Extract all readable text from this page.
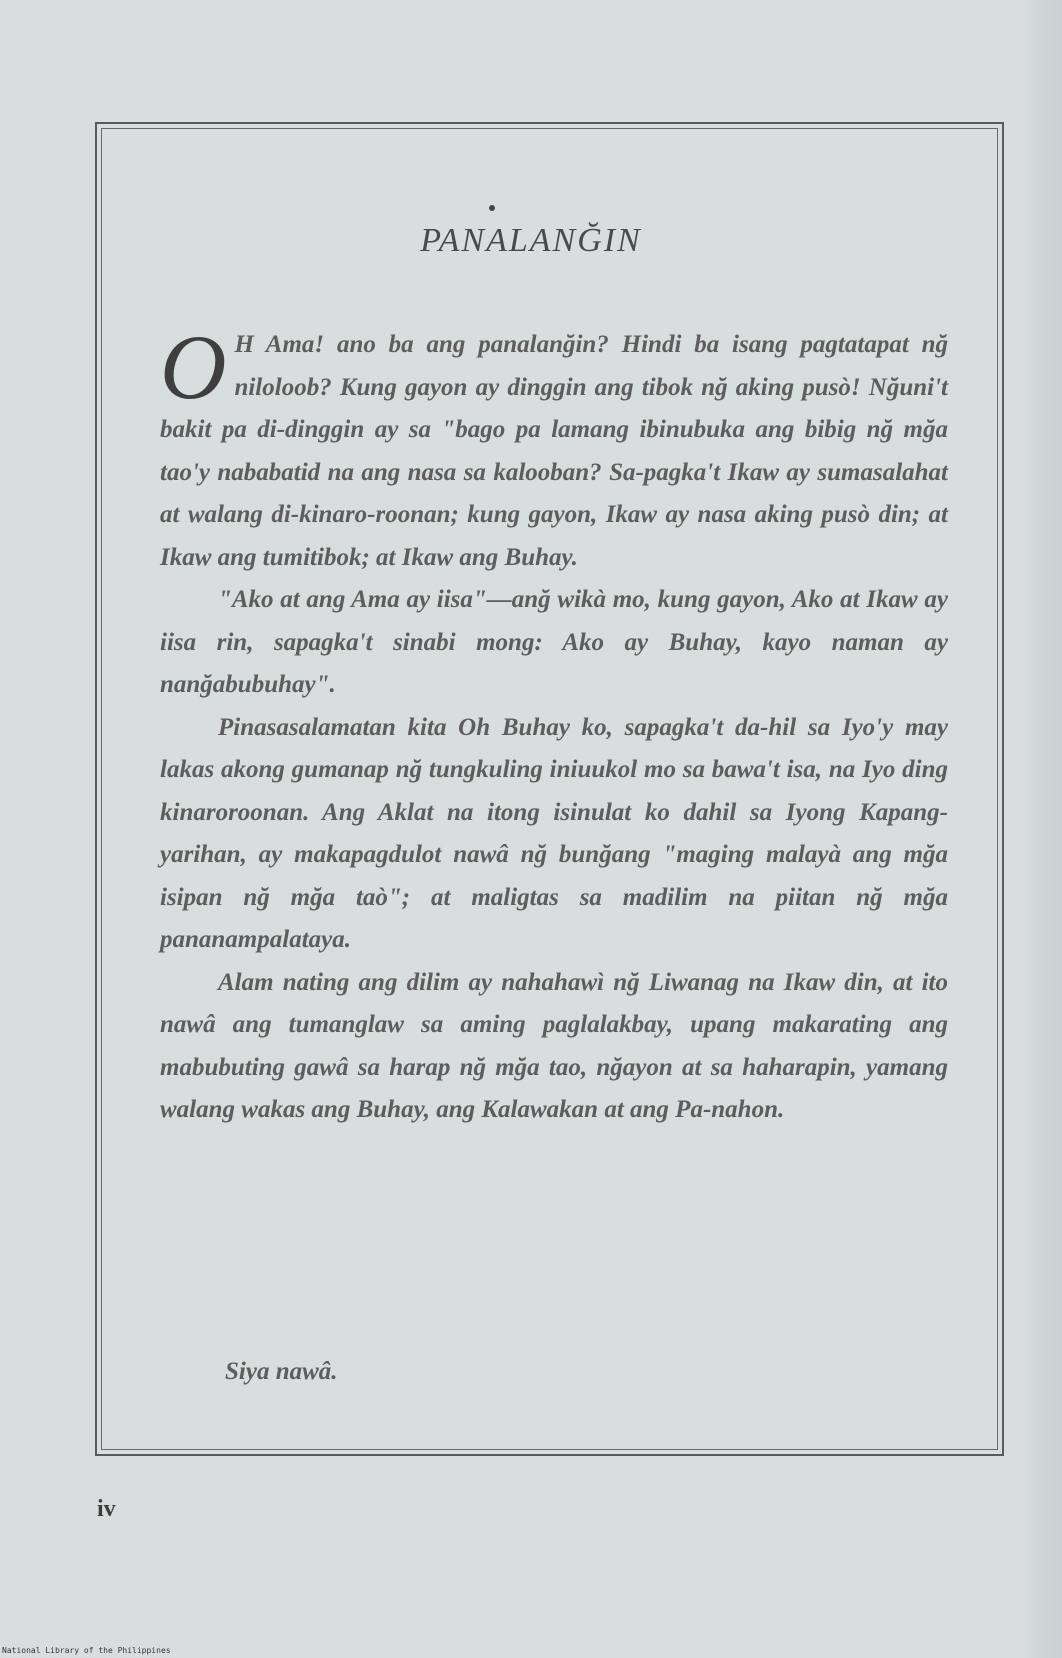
PANALANĞIN

O H Ama! ano ba ang panalanğin? Hindi ba isang pagtatapat nğ niloloob? Kung gayon ay dinggin ang tibok nğ aking pusò! Nğuni't bakit pa di-dinggin ay sa "bago pa lamang ibinubuka ang bibig nğ mğa tao'y nababatid na ang nasa sa kalooban? Sa-pagka't Ikaw ay sumasalahat at walang di-kinaro-roonan; kung gayon, Ikaw ay nasa aking pusò din; at Ikaw ang tumitibok; at Ikaw ang Buhay.

"Ako at ang Ama ay iisa"—anğ wikà mo, kung gayon, Ako at Ikaw ay iisa rin, sapagka't sinabi mong: Ako ay Buhay, kayo naman ay nanğabubuhay".

Pinasasalamatan kita Oh Buhay ko, sapagka't da-hil sa Iyo'y may lakas akong gumanap nğ tungkuling iniuukol mo sa bawa't isa, na Iyo ding kinaroroonan. Ang Aklat na itong isinulat ko dahil sa Iyong Kapang-yarihan, ay makapagdulot nawâ nğ bunğang "maging malayà ang mğa isipan nğ mğa taò"; at maligtas sa madilim na piitan nğ mğa pananampalataya.

Alam nating ang dilim ay nahahawì nğ Liwanag na Ikaw din, at ito nawâ ang tumanglaw sa aming paglalakbay, upang makarating ang mabubuting gawâ sa harap nğ mğa tao, nğayon at sa haharapin, yamang walang wakas ang Buhay, ang Kalawakan at ang Pa-nahon.

Siya nawâ.
iv
National Library of the Philippines
